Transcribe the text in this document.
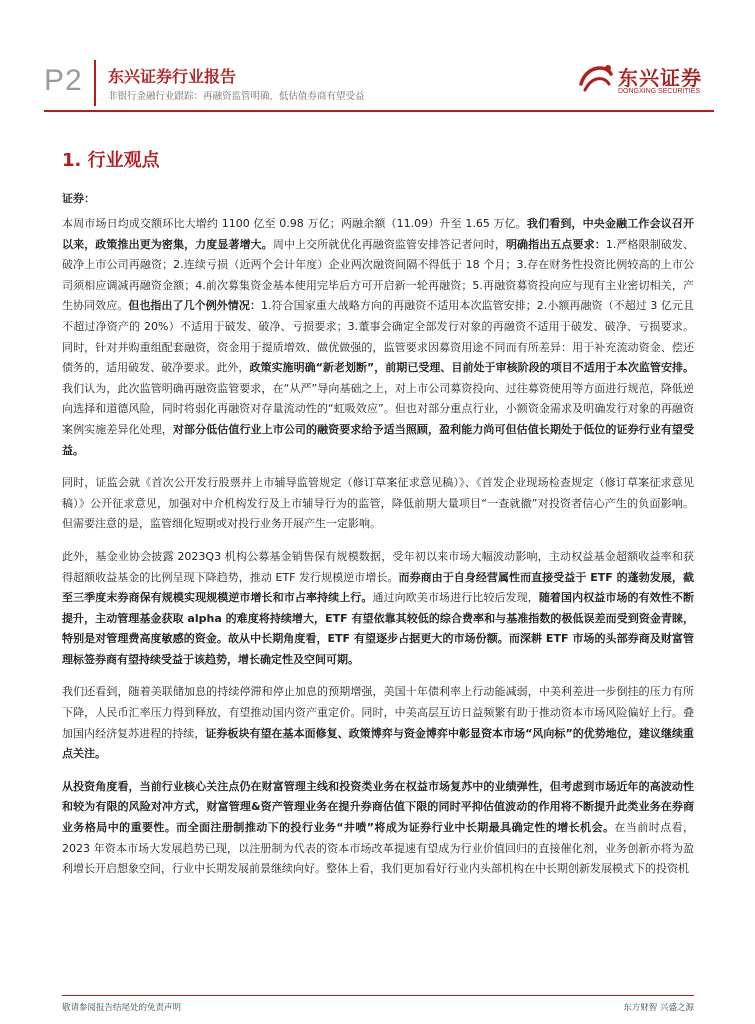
P2 东兴证券行业报告
非银行金融行业跟踪：再融资监管明确，低估值券商有望受益
东兴证券
DONGXING SECURITIES
1. 行业观点
证券：

本周市场日均成交额环比大增约 1100 亿至 0.98 万亿；两融余额（11.09）升至 1.65 万亿。我们看到，中央金融工作会议召开以来，政策推出更为密集，力度显著增大。周中上交所就优化再融资监管安排答记者问时，明确指出五点要求：1.严格限制破发、破净上市公司再融资；2.连续亏损（近两个会计年度）企业两次融资间隔不得低于 18 个月；3.存在财务性投资比例较高的上市公司须相应调减再融资金额；4.前次募集资金基本使用完毕后方可开启新一轮再融资；5.再融资募资投向应与现有主业密切相关，产生协同效应。但也指出了几个例外情况：1.符合国家重大战略方向的再融资不适用本次监管安排；2.小额再融资（不超过 3 亿元且不超过净资产的 20%）不适用于破发、破净、亏损要求；3.董事会确定全部发行对象的再融资不适用于破发、破净、亏损要求。同时，针对并购重组配套融资，资金用于提质增效、做优做强的，监管要求因募资用途不同而有所差异：用于补充流动资金、偿还债务的，适用破发、破净要求。此外，政策实施明确“新老划断”，前期已受理、目前处于审核阶段的项目不适用于本次监管安排。我们认为，此次监管明确再融资监管要求，在“从严”导向基础之上，对上市公司募资投向、过往募资使用等方面进行规范，降低逆向选择和道德风险，同时将弱化再融资对存量流动性的“虹吸效应”。但也对部分重点行业，小额资金需求及明确发行对象的再融资案例实施差异化处理，对部分低估值行业上市公司的融资要求给予适当照顾，盈利能力尚可但估值长期处于低位的证券行业有望受益。

同时，证监会就《首次公开发行股票并上市辅导监管规定（修订草案征求意见稿）》、《首发企业现场检查规定（修订草案征求意见稿）》公开征求意见，加强对中介机构发行及上市辅导行为的监管，降低前期大量项目“一查就撤”对投资者信心产生的负面影响。但需要注意的是，监管细化短期或对投行业务开展产生一定影响。

此外，基金业协会披露 2023Q3 机构公募基金销售保有规模数据，受年初以来市场大幅波动影响，主动权益基金超额收益率和获得超额收益基金的比例呈现下降趋势，推动 ETF 发行规模逆市增长。而券商由于自身经营属性而直接受益于 ETF 的蓬勃发展，截至三季度末券商保有规模实现规模逆市增长和市占率持续上行。通过向欧美市场进行比较后发现，随着国内权益市场的有效性不断提升，主动管理基金获取 alpha 的难度将持续增大，ETF 有望依靠其较低的综合费率和与基准指数的极低误差而受到资金青睐，特别是对管理费高度敏感的资金。故从中长期角度看，ETF 有望逐步占据更大的市场份额。而深耕 ETF 市场的头部券商及财富管理标签券商有望持续受益于该趋势，增长确定性及空间可期。

我们还看到，随着美联储加息的持续停滞和停止加息的预期增强，美国十年债利率上行动能减弱，中美利差进一步倒挂的压力有所下降，人民币汇率压力得到释放，有望推动国内资产重定价。同时，中美高层互访日益频繁有助于推动资本市场风险偏好上行。叠加国内经济复苏进程的持续，证券板块有望在基本面修复、政策博弈与资金博弈中彰显资本市场“风向标”的优势地位，建议继续重点关注。

从投资角度看，当前行业核心关注点仍在财富管理主线和投资类业务在权益市场复苏中的业绩弹性，但考虑到市场近年的高波动性和较为有限的风险对冲方式，财富管理&资产管理业务在提升券商估值下限的同时平抑估值波动的作用将不断提升此类业务在券商业务格局中的重要性。而全面注册制推动下的投行业务“井喷”将成为证券行业中长期最具确定性的增长机会。在当前时点看，2023 年资本市场大发展趋势已现，以注册制为代表的资本市场改革提速有望成为行业价值回归的直接催化剂，业务创新亦将为盈利增长开启想象空间，行业中长期发展前景继续向好。整体上看，我们更加看好行业内头部机构在中长期创新发展模式下的投资机

敬请参阅报告结尾处的免责声明	东方财智 兴盛之源
